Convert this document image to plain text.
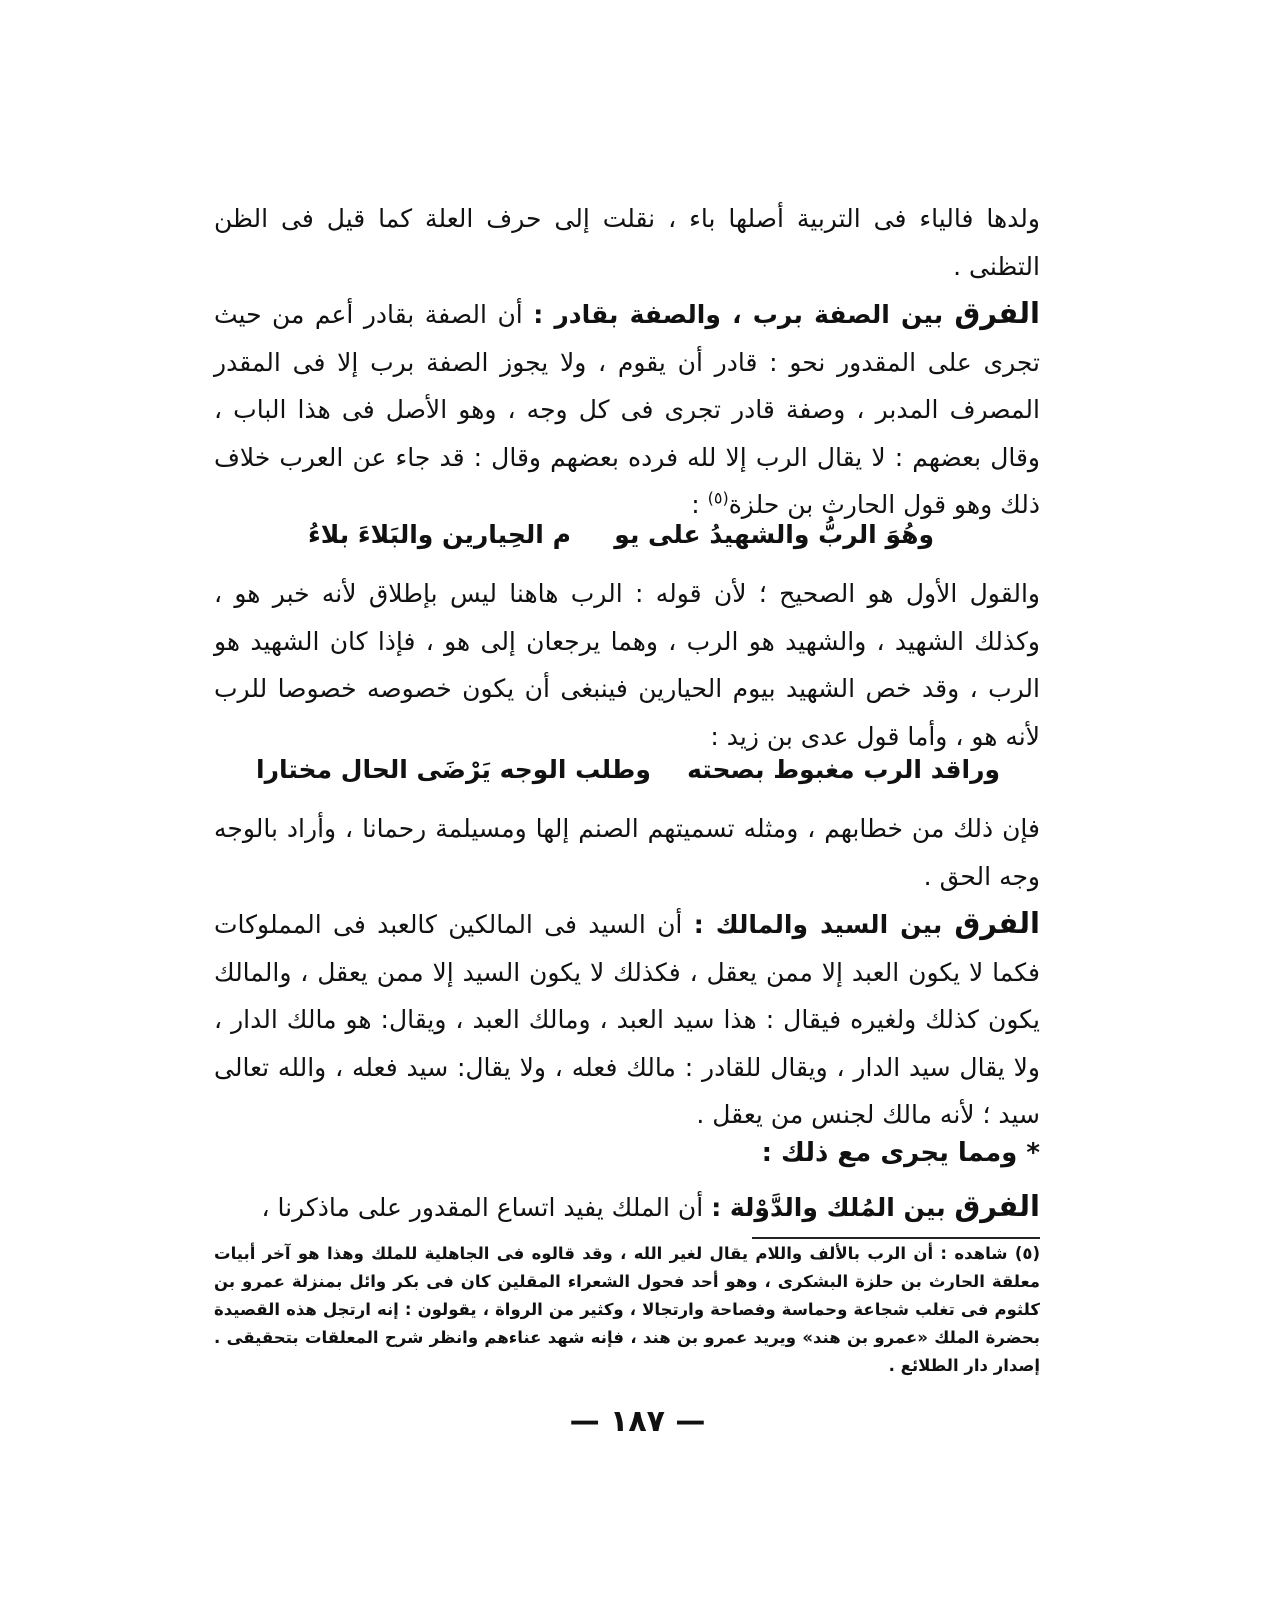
ولدها فالياء فى التربية أصلها باء ، نقلت إلى حرف العلة كما قيل فى الظن التظنى .

الفرق بين الصفة برب ، والصفة بقادر : أن الصفة بقادر أعم من حيث تجرى على المقدور نحو : قادر أن يقوم ، ولا يجوز الصفة برب إلا فى المقدر المصرف المدبر ، وصفة قادر تجرى فى كل وجه ، وهو الأصل فى هذا الباب ، وقال بعضهم : لا يقال الرب إلا لله فرده بعضهم وقال : قد جاء عن العرب خلاف ذلك وهو قول الحارث بن حلزة$^{(٥)}$ :

وهُوَ الربُّ والشهيدُ على يو
م الحِيارين والبَلاءَ بلاءُ

والقول الأول هو الصحيح ؛ لأن قوله : الرب هاهنا ليس بإطلاق لأنه خبر هو ، وكذلك الشهيد ، والشهيد هو الرب ، وهما يرجعان إلى هو ، فإذا كان الشهيد هو الرب ، وقد خص الشهيد بيوم الحيارين فينبغى أن يكون خصوصه خصوصا للرب لأنه هو ، وأما قول عدى بن زيد :

وراقد الرب مغبوط بصحته
وطلب الوجه يَرْضَى الحال مختارا

فإن ذلك من خطابهم ، ومثله تسميتهم الصنم إلها ومسيلمة رحمانا ، وأراد بالوجه وجه الحق .

الفرق بين السيد والمالك : أن السيد فى المالكين كالعبد فى المملوكات فكما لا يكون العبد إلا ممن يعقل ، فكذلك لا يكون السيد إلا ممن يعقل ، والمالك يكون كذلك ولغيره فيقال : هذا سيد العبد ، ومالك العبد ، ويقال: هو مالك الدار ، ولا يقال سيد الدار ، ويقال للقادر : مالك فعله ، ولا يقال: سيد فعله ، والله تعالى سيد ؛ لأنه مالك لجنس من يعقل .

* ومما يجرى مع ذلك :

الفرق بين المُلك والدَّوْلة : أن الملك يفيد اتساع المقدور على ماذكرنا ،

(٥) شاهده : أن الرب بالألف واللام يقال لغير الله ، وقد قالوه فى الجاهلية للملك وهذا هو آخر أبيات معلقة الحارث بن حلزة البشكرى ، وهو أحد فحول الشعراء المقلين كان فى بكر وائل بمنزلة عمرو بن كلثوم فى تغلب شجاعة وحماسة وفصاحة وارتجالا ، وكثير من الرواة ، يقولون : إنه ارتجل هذه القصيدة بحضرة الملك «عمرو بن هند» ويريد عمرو بن هند ، فإنه شهد عناءهم وانظر شرح المعلقات بتحقيقى . إصدار دار الطلائع .

— ١٨٧ —
